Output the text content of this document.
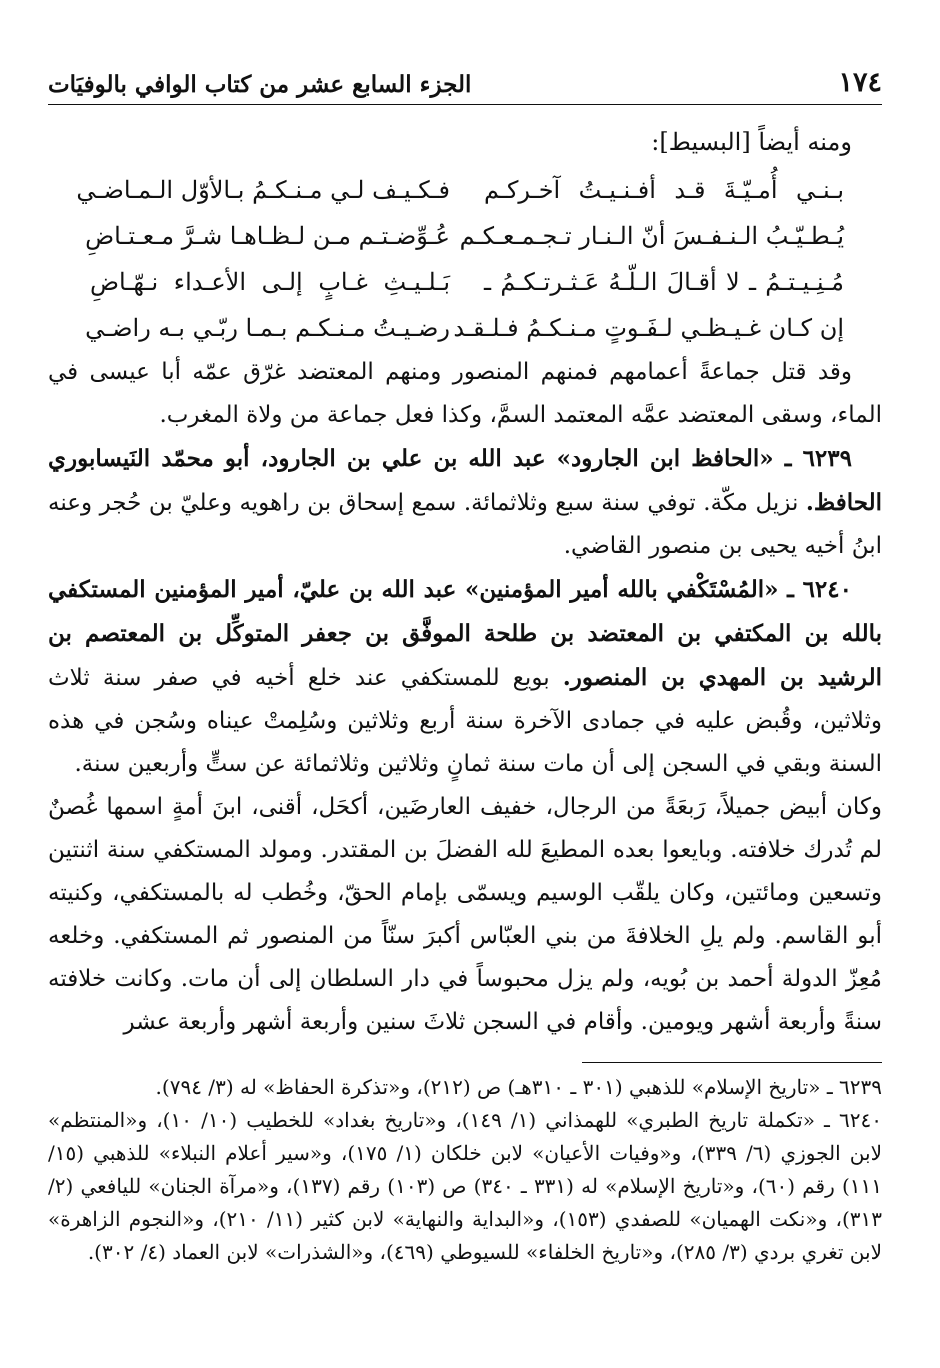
١٧٤
الجزء السابع عشر من كتاب الوافي بالوفيَات
ومنه أيضاً [البسيط]:
بـنـي أُمـيّـةَ قـد أفـنـيـتُ آخـركـم
فـكـيـف لـي مـنـكـمُ بـالأوّل الـمـاضـي
يُـطـيّـبُ الـنـفـسَ أنّ الـنـار تـجـمـعـكـم
عُـوِّضـتـم مـن لـظـاهـا شـرَّ مـعـتـاضِ
مُـنِـيـتـمُ ـ لا أقـالَ الـلّـهُ عَـثـرتـكـمُ ـ
بَـلـيـثِ غـابٍ إلـى الأعـداء نـهّـاضِ
إن كـان غـيـظـي لـفَـوتٍ مـنـكـمُ فـلـقـد
رضـيـتُ مـنـكـم بـمـا ربّـي بـه راضـي

وقد قتل جماعةً أعمامهم فمنهم المنصور ومنهم المعتضد غرّق عمّه أبا عيسى في الماء، وسقى المعتضد عمَّه المعتمد السمَّ، وكذا فعل جماعة من ولاة المغرب.

٦٢٣٩ ـ «الحافظ ابن الجارود» عبد الله بن علي بن الجارود، أبو محمّد النَيسابوري الحافظ. نزيل مكّة. توفي سنة سبع وثلاثمائة. سمع إسحاق بن راهويه وعليّ بن حُجر وعنه ابنُ أخيه يحيى بن منصور القاضي.

٦٢٤٠ ـ «المُسْتَكْفي بالله أمير المؤمنين» عبد الله بن عليّ، أمير المؤمنين المستكفي بالله بن المكتفي بن المعتضد بن طلحة الموفَّق بن جعفر المتوكِّل بن المعتصم بن الرشيد بن المهدي بن المنصور. بويع للمستكفي عند خلع أخيه في صفر سنة ثلاث وثلاثين، وقُبض عليه في جمادى الآخرة سنة أربع وثلاثين وسُلِمتْ عيناه وسُجن في هذه السنة وبقي في السجن إلى أن مات سنة ثمانٍ وثلاثين وثلاثمائة عن ستٍّ وأربعين سنة.

وكان أبيض جميلاً، رَبعَةً من الرجال، خفيف العارضَين، أكحَل، أقنى، ابنَ أمةٍ اسمها غُصنٌ لم تُدرك خلافته. وبايعوا بعده المطيعَ لله الفضلَ بن المقتدر. ومولد المستكفي سنة اثنتين وتسعين ومائتين، وكان يلقّب الوسيم ويسمّى بإمام الحقّ، وخُطب له بالمستكفي، وكنيته أبو القاسم. ولم يلِ الخلافةَ من بني العبّاس أكبرَ سنّاً من المنصور ثم المستكفي. وخلعه مُعِزّ الدولة أحمد بن بُويه، ولم يزل محبوساً في دار السلطان إلى أن مات. وكانت خلافته سنةً وأربعة أشهر ويومين. وأقام في السجن ثلاثَ سنين وأربعة أشهر وأربعة عشر

٦٢٣٩ ـ «تاريخ الإسلام» للذهبي (٣٠١ ـ ٣١٠هـ) ص (٢١٢)، و«تذكرة الحفاظ» له (٣/ ٧٩٤).

٦٢٤٠ ـ «تكملة تاريخ الطبري» للهمذاني (١/ ١٤٩)، و«تاريخ بغداد» للخطيب (١٠/ ١٠)، و«المنتظم» لابن الجوزي (٦/ ٣٣٩)، و«وفيات الأعيان» لابن خلكان (١/ ١٧٥)، و«سير أعلام النبلاء» للذهبي (١٥/ ١١١) رقم (٦٠)، و«تاريخ الإسلام» له (٣٣١ ـ ٣٤٠) ص (١٠٣) رقم (١٣٧)، و«مرآة الجنان» لليافعي (٢/ ٣١٣)، و«نكت الهميان» للصفدي (١٥٣)، و«البداية والنهاية» لابن كثير (١١/ ٢١٠)، و«النجوم الزاهرة» لابن تغري بردي (٣/ ٢٨٥)، و«تاريخ الخلفاء» للسيوطي (٤٦٩)، و«الشذرات» لابن العماد (٤/ ٣٠٢).
